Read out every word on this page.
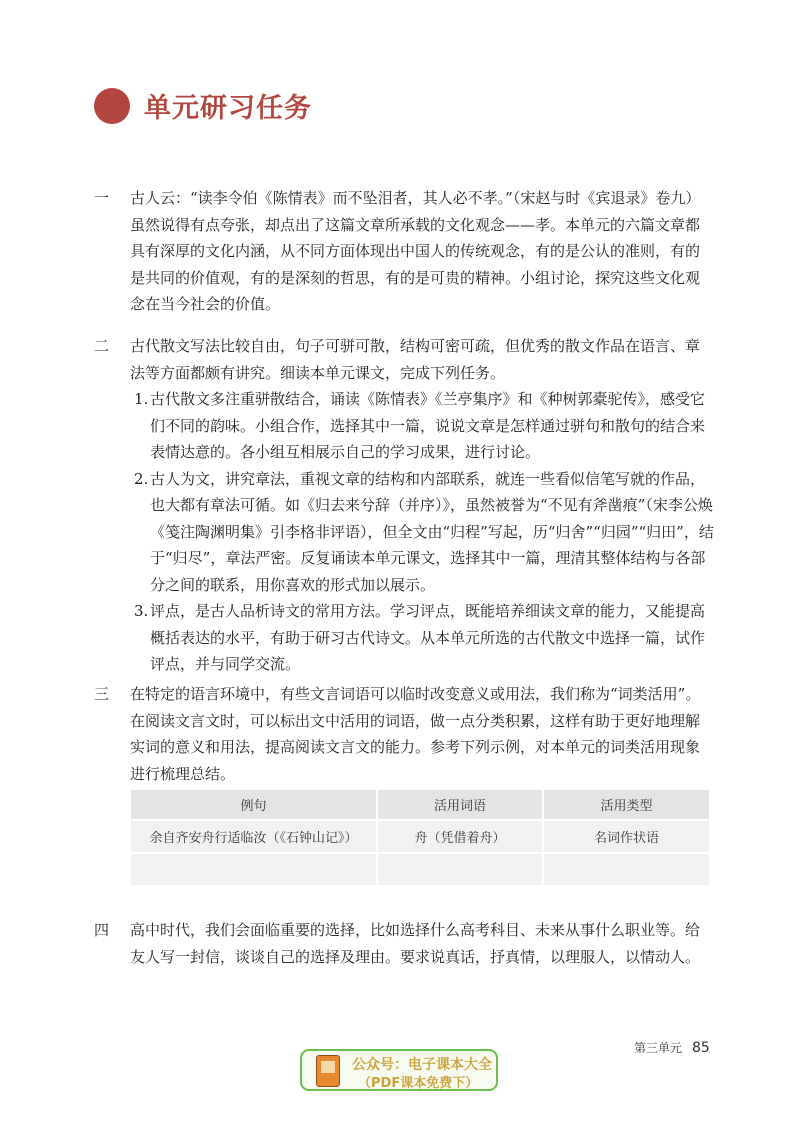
单元研习任务
一	古人云：“读李令伯《陈情表》而不坠泪者，其人必不孝。”（宋赵与时《宾退录》卷九）虽然说得有点夸张，却点出了这篇文章所承载的文化观念——孝。本单元的六篇文章都具有深厚的文化内涵，从不同方面体现出中国人的传统观念，有的是公认的准则，有的是共同的价值观，有的是深刻的哲思，有的是可贵的精神。小组讨论，探究这些文化观念在当今社会的价值。
二	古代散文写法比较自由，句子可骈可散，结构可密可疏，但优秀的散文作品在语言、章法等方面都颇有讲究。细读本单元课文，完成下列任务。
1. 古代散文多注重骈散结合，诵读《陈情表》《兰亭集序》和《种树郭橐驼传》，感受它们不同的韵味。小组合作，选择其中一篇，说说文章是怎样通过骈句和散句的结合来表情达意的。各小组互相展示自己的学习成果，进行讨论。
2. 古人为文，讲究章法，重视文章的结构和内部联系，就连一些看似信笔写就的作品，也大都有章法可循。如《归去来兮辞（并序）》，虽然被誉为“不见有斧凿痕”（宋李公焕《笺注陶渊明集》引李格非评语），但全文由“归程”写起，历“归舍”“归园”“归田”，结于“归尽”，章法严密。反复诵读本单元课文，选择其中一篇，理清其整体结构与各部分之间的联系，用你喜欢的形式加以展示。
3. 评点，是古人品析诗文的常用方法。学习评点，既能培养细读文章的能力，又能提高概括表达的水平，有助于研习古代诗文。从本单元所选的古代散文中选择一篇，试作评点，并与同学交流。
三	在特定的语言环境中，有些文言词语可以临时改变意义或用法，我们称为“词类活用”。在阅读文言文时，可以标出文中活用的词语，做一点分类积累，这样有助于更好地理解实词的意义和用法，提高阅读文言文的能力。参考下列示例，对本单元的词类活用现象进行梳理总结。
例句	活用词语	活用类型
余自齐安舟行适临汝（《石钟山记》）	舟（凭借着舟）	名词作状语

四	高中时代，我们会面临重要的选择，比如选择什么高考科目、未来从事什么职业等。给友人写一封信，谈谈自己的选择及理由。要求说真话，抒真情，以理服人，以情动人。
第三单元 85
公众号：电子课本大全
（PDF课本免费下）
